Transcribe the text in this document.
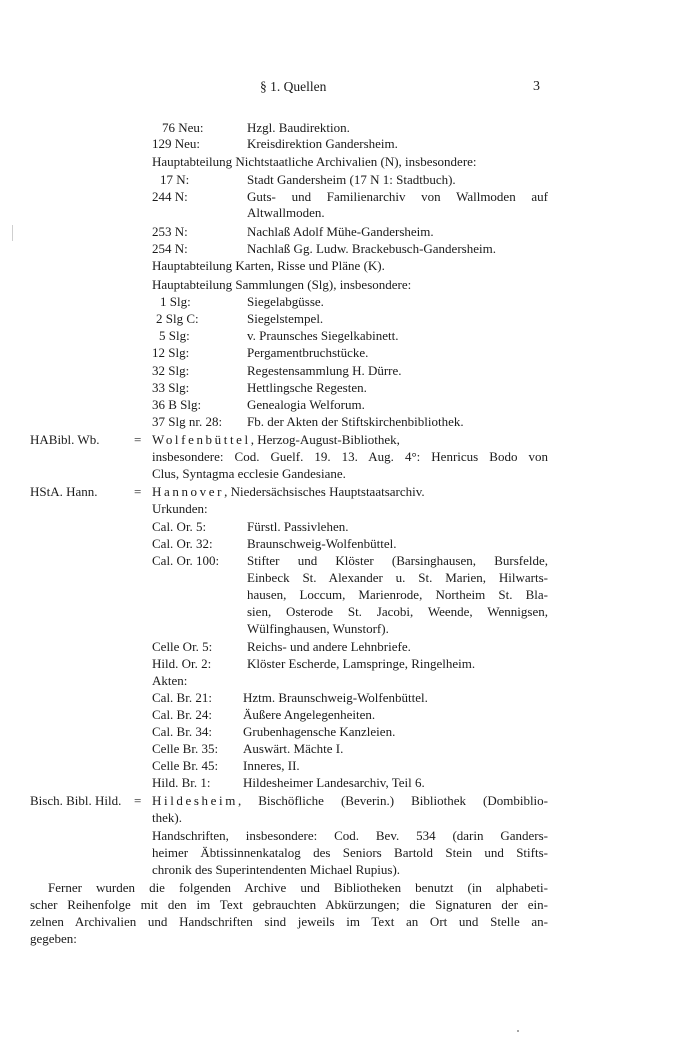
§ 1. Quellen	3
76 Neu:	Hzgl. Baudirektion.
129 Neu:	Kreisdirektion Gandersheim.
Hauptabteilung Nichtstaatliche Archivalien (N), insbesondere:
17 N:	Stadt Gandersheim (17 N 1: Stadtbuch).
244 N:	Guts- und Familienarchiv von Wallmoden auf
Altwallmoden.
253 N:	Nachlaß Adolf Mühe-Gandersheim.
254 N:	Nachlaß Gg. Ludw. Brackebusch-Gandersheim.
Hauptabteilung Karten, Risse und Pläne (K).
Hauptabteilung Sammlungen (Slg), insbesondere:
1 Slg:	Siegelabgüsse.
2 Slg C:	Siegelstempel.
5 Slg:	v. Praunsches Siegelkabinett.
12 Slg:	Pergamentbruchstücke.
32 Slg:	Regestensammlung H. Dürre.
33 Slg:	Hettlingsche Regesten.
36 B Slg:	Genealogia Welforum.
37 Slg nr. 28: Fb. der Akten der Stiftskirchenbibliothek.
HABibl. Wb.	= Wolfenbüttel, Herzog-August-Bibliothek,
insbesondere: Cod. Guelf. 19. 13. Aug. 4°: Henricus Bodo von
Clus, Syntagma ecclesie Gandesiane.
HStA. Hann.	= Hannover, Niedersächsisches Hauptstaatsarchiv.
Urkunden:
Cal. Or. 5:	Fürstl. Passivlehen.
Cal. Or. 32:	Braunschweig-Wolfenbüttel.
Cal. Or. 100: Stifter und Klöster (Barsinghausen, Bursfelde,
Einbeck St. Alexander u. St. Marien, Hilwarts-
hausen, Loccum, Marienrode, Northeim St. Bla-
sien, Osterode St. Jacobi, Weende, Wennigsen,
Wülfinghausen, Wunstorf).
Celle Or. 5:	Reichs- und andere Lehnbriefe.
Hild. Or. 2:	Klöster Escherde, Lamspringe, Ringelheim.
Akten:
Cal. Br. 21: Hztm. Braunschweig-Wolfenbüttel.
Cal. Br. 24: Äußere Angelegenheiten.
Cal. Br. 34: Grubenhagensche Kanzleien.
Celle Br. 35: Auswärt. Mächte I.
Celle Br. 45: Inneres, II.
Hild. Br. 1: Hildesheimer Landesarchiv, Teil 6.
Bisch. Bibl. Hild. = Hildesheim, Bischöfliche (Beverin.) Bibliothek (Dombiblio-
thek).
Handschriften, insbesondere: Cod. Bev. 534 (darin Ganders-
heimer Äbtissinnenkatalog des Seniors Bartold Stein und Stifts-
chronik des Superintendenten Michael Rupius).
Ferner wurden die folgenden Archive und Bibliotheken benutzt (in alphabeti-
scher Reihenfolge mit den im Text gebrauchten Abkürzungen; die Signaturen der ein-
zelnen Archivalien und Handschriften sind jeweils im Text an Ort und Stelle an-
gegeben:
